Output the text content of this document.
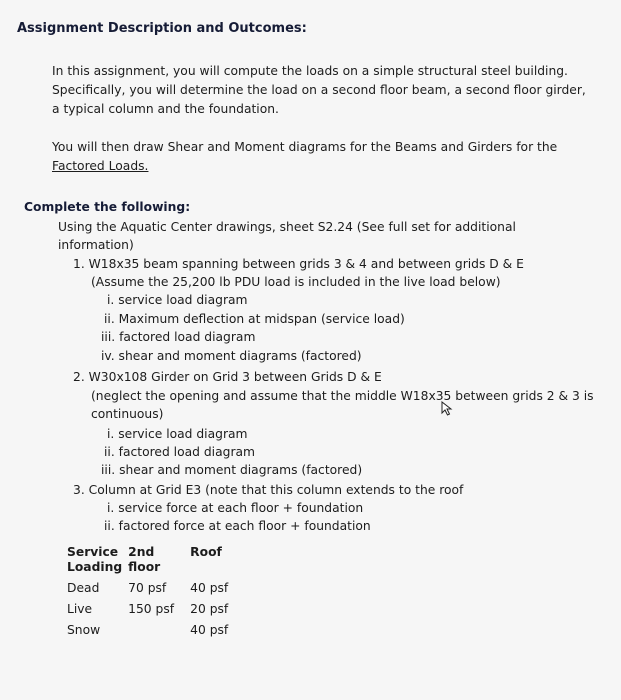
Assignment Description and Outcomes:
In this assignment, you will compute the loads on a simple structural steel building. Specifically, you will determine the load on a second floor beam, a second floor girder, a typical column and the foundation.
You will then draw Shear and Moment diagrams for the Beams and Girders for the Factored Loads.
Complete the following:
Using the Aquatic Center drawings, sheet S2.24 (See full set for additional information)
1. W18x35 beam spanning between grids 3 & 4 and between grids D & E
(Assume the 25,200 lb PDU load is included in the live load below)
i. service load diagram
ii. Maximum deflection at midspan (service load)
iii. factored load diagram
iv. shear and moment diagrams (factored)
2. W30x108 Girder on Grid 3 between Grids D & E
(neglect the opening and assume that the middle W18x35 between grids 2 & 3 is continuous)
i. service load diagram
ii. factored load diagram
iii. shear and moment diagrams (factored)
3. Column at Grid E3 (note that this column extends to the roof
i. service force at each floor + foundation
ii. factored force at each floor + foundation
Service Loading	2nd floor	Roof
Dead	70 psf	40 psf
Live	150 psf	20 psf
Snow		40 psf
